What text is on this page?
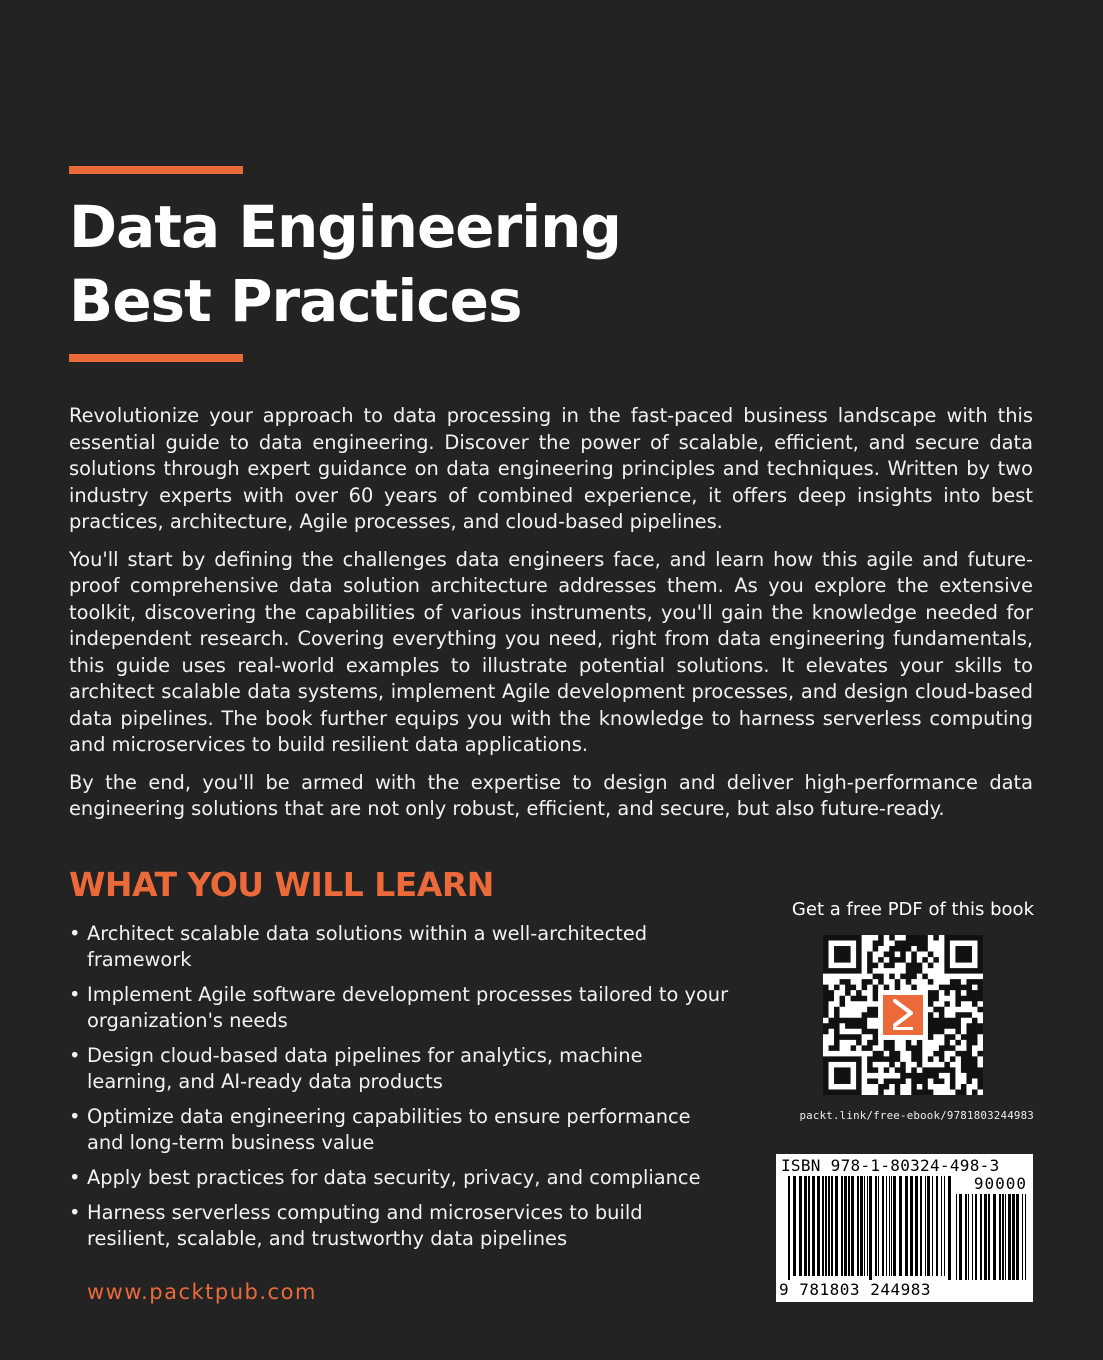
Data Engineering
Best Practices

Revolutionize your approach to data processing in the fast-paced business landscape with this essential guide to data engineering. Discover the power of scalable, efficient, and secure data solutions through expert guidance on data engineering principles and techniques. Written by two industry experts with over 60 years of combined experience, it offers deep insights into best practices, architecture, Agile processes, and cloud-based pipelines.

You'll start by defining the challenges data engineers face, and learn how this agile and future-proof comprehensive data solution architecture addresses them. As you explore the extensive toolkit, discovering the capabilities of various instruments, you'll gain the knowledge needed for independent research. Covering everything you need, right from data engineering fundamentals, this guide uses real-world examples to illustrate potential solutions. It elevates your skills to architect scalable data systems, implement Agile development processes, and design cloud-based data pipelines. The book further equips you with the knowledge to harness serverless computing and microservices to build resilient data applications.

By the end, you'll be armed with the expertise to design and deliver high-performance data engineering solutions that are not only robust, efficient, and secure, but also future-ready.

WHAT YOU WILL LEARN
• Architect scalable data solutions within a well-architected framework
• Implement Agile software development processes tailored to your organization's needs
• Design cloud-based data pipelines for analytics, machine learning, and AI-ready data products
• Optimize data engineering capabilities to ensure performance and long-term business value
• Apply best practices for data security, privacy, and compliance
• Harness serverless computing and microservices to build resilient, scalable, and trustworthy data pipelines
www.packtpub.com
Get a free PDF of this book
packt.link/free-ebook/9781803244983
ISBN 978-1-80324-498-3
90000
9 781803 244983
